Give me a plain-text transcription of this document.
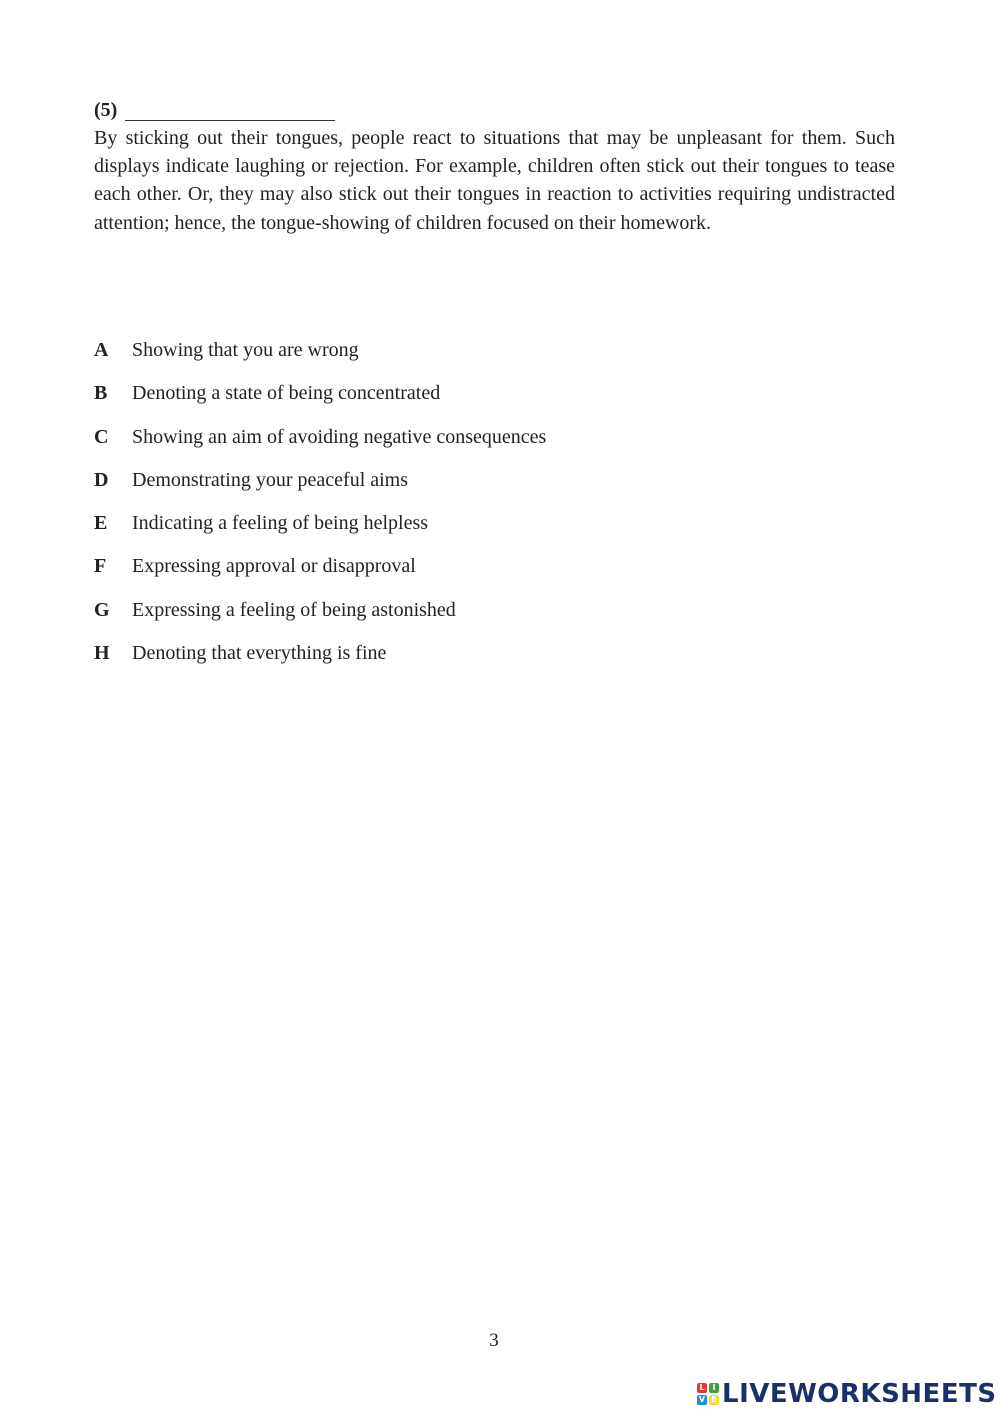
(5)

By sticking out their tongues, people react to situations that may be unpleasant for them. Such displays indicate laughing or rejection. For example, children often stick out their tongues to tease each other. Or, they may also stick out their tongues in reaction to activities requiring undistracted attention; hence, the tongue-showing of children focused on their homework.

A	Showing that you are wrong
B	Denoting a state of being concentrated
C	Showing an aim of avoiding negative consequences
D	Demonstrating your peaceful aims
E	Indicating a feeling of being helpless
F	Expressing approval or disapproval
G	Expressing a feeling of being astonished
H	Denoting that everything is fine
3
L I
V E LIVEWORKSHEETS
